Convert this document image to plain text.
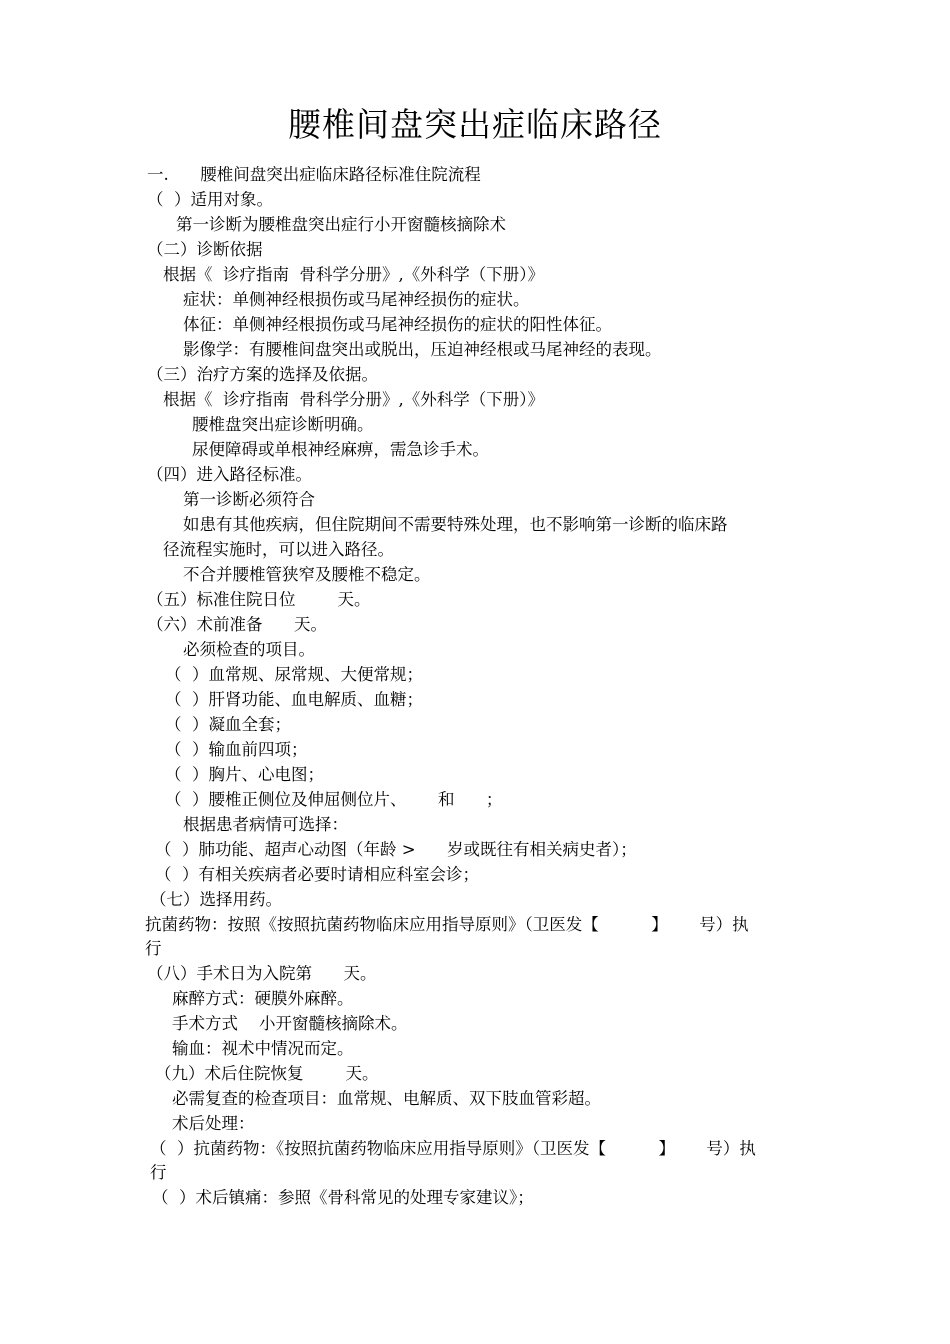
腰椎间盘突出症临床路径
一.      腰椎间盘突出症临床路径标准住院流程
（  ）适用对象。
第一诊断为腰椎盘突出症行小开窗髓核摘除术
（二）诊断依据
根据《  诊疗指南  骨科学分册》,《外科学（下册）》
症状：单侧神经根损伤或马尾神经损伤的症状。
体征：单侧神经根损伤或马尾神经损伤的症状的阳性体征。
影像学：有腰椎间盘突出或脱出，压迫神经根或马尾神经的表现。
（三）治疗方案的选择及依据。
根据《  诊疗指南  骨科学分册》,《外科学（下册）》
腰椎盘突出症诊断明确。
尿便障碍或单根神经麻痹，需急诊手术。
（四）进入路径标准。
第一诊断必须符合
如患有其他疾病，但住院期间不需要特殊处理，也不影响第一诊断的临床路
径流程实施时，可以进入路径。
不合并腰椎管狭窄及腰椎不稳定。
（五）标准住院日位        天。
（六）术前准备      天。
必须检查的项目。
（  ）血常规、尿常规、大便常规；
（  ）肝肾功能、血电解质、血糖；
（  ）凝血全套；
（  ）输血前四项；
（  ）胸片、心电图；
（  ）腰椎正侧位及伸屈侧位片、      和      ；
根据患者病情可选择：
（  ）肺功能、超声心动图（年龄 >      岁或既往有相关病史者）；
（  ）有相关疾病者必要时请相应科室会诊；
（七）选择用药。
抗菌药物：按照《按照抗菌药物临床应用指导原则》（卫医发【          】      号）执
行
（八）手术日为入院第      天。
麻醉方式：硬膜外麻醉。
手术方式    小开窗髓核摘除术。
输血：视术中情况而定。
（九）术后住院恢复        天。
必需复查的检查项目：血常规、电解质、双下肢血管彩超。
术后处理：
（  ）抗菌药物：《按照抗菌药物临床应用指导原则》（卫医发【          】      号）执
行
（  ）术后镇痛：参照《骨科常见的处理专家建议》；
